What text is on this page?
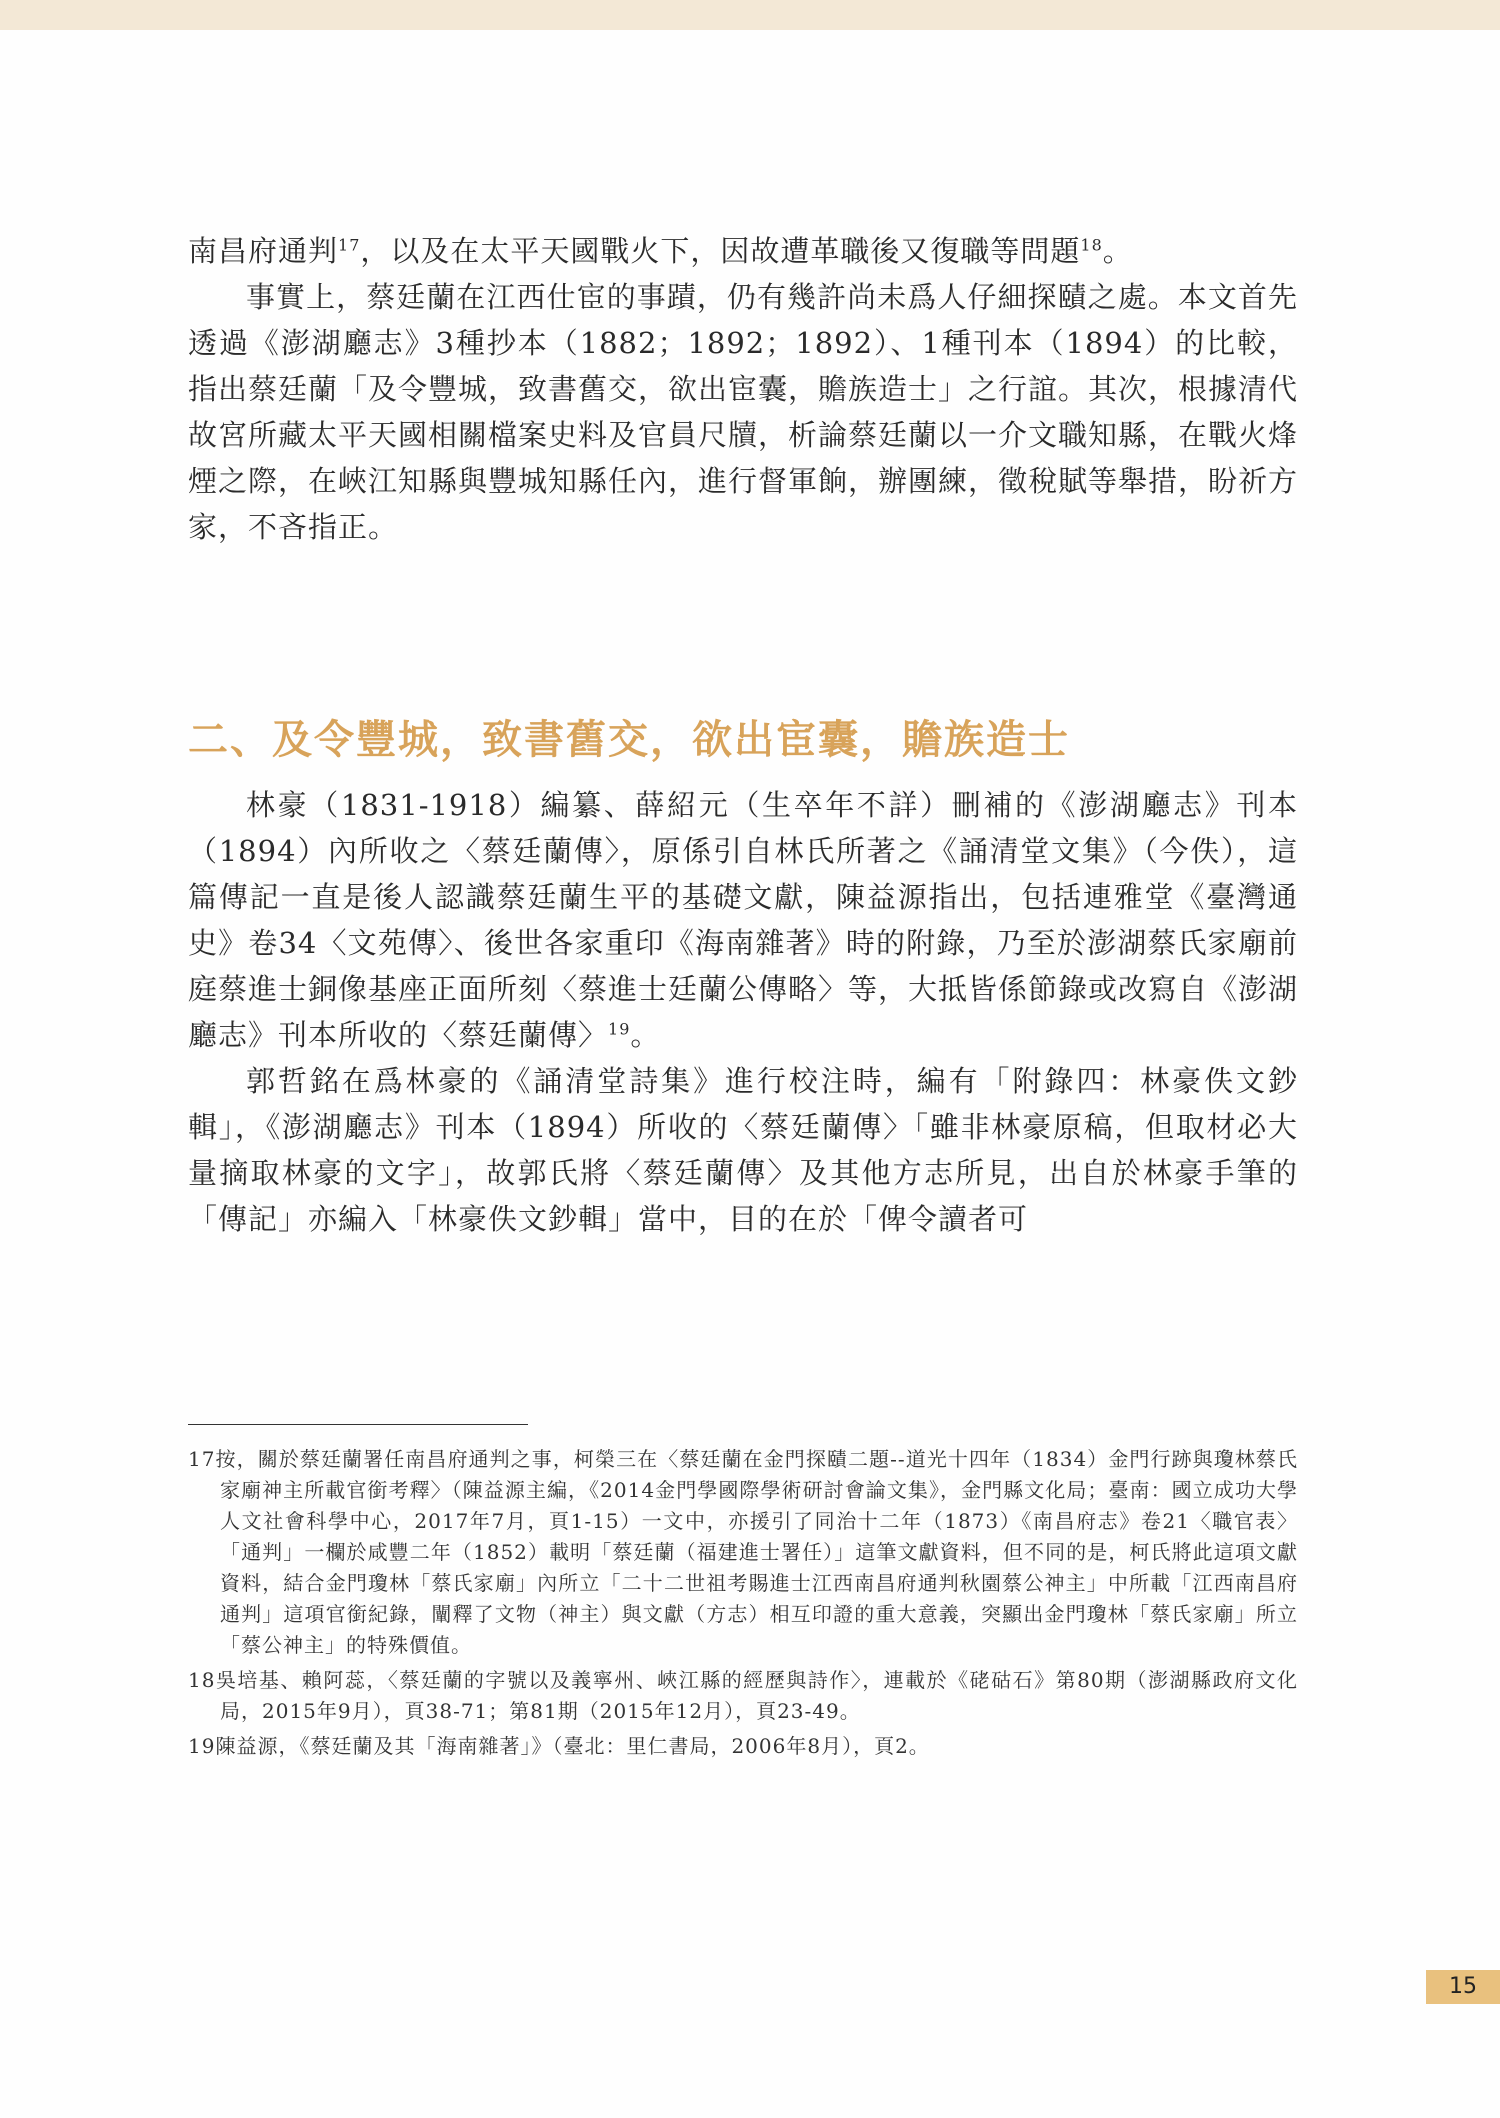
南昌府通判$^{17}$，以及在太平天國戰火下，因故遭革職後又復職等問題$^{18}$。

事實上，蔡廷蘭在江西仕宦的事蹟，仍有幾許尚未爲人仔細探賾之處。本文首先透過《澎湖廳志》3種抄本（1882；1892；1892）、1種刊本（1894）的比較，指出蔡廷蘭「及令豐城，致書舊交，欲出宦囊，贍族造士」之行誼。其次，根據清代故宮所藏太平天國相關檔案史料及官員尺牘，析論蔡廷蘭以一介文職知縣，在戰火烽煙之際，在峽江知縣與豐城知縣任內，進行督軍餉，辦團練，徵稅賦等舉措，盼祈方家，不吝指正。

二、及令豐城，致書舊交，欲出宦囊，贍族造士

林豪（1831-1918）編纂、薛紹元（生卒年不詳）刪補的《澎湖廳志》刊本（1894）內所收之〈蔡廷蘭傳〉，原係引自林氏所著之《誦清堂文集》（今佚），這篇傳記一直是後人認識蔡廷蘭生平的基礎文獻，陳益源指出，包括連雅堂《臺灣通史》卷34〈文苑傳〉、後世各家重印《海南雜著》時的附錄，乃至於澎湖蔡氏家廟前庭蔡進士銅像基座正面所刻〈蔡進士廷蘭公傳略〉等，大抵皆係節錄或改寫自《澎湖廳志》刊本所收的〈蔡廷蘭傳〉$^{19}$。

郭哲銘在爲林豪的《誦清堂詩集》進行校注時，編有「附錄四：林豪佚文鈔輯」，《澎湖廳志》刊本（1894）所收的〈蔡廷蘭傳〉「雖非林豪原稿，但取材必大量摘取林豪的文字」，故郭氏將〈蔡廷蘭傳〉及其他方志所見，出自於林豪手筆的「傳記」亦編入「林豪佚文鈔輯」當中，目的在於「俾令讀者可

17按，關於蔡廷蘭署任南昌府通判之事，柯榮三在〈蔡廷蘭在金門探賾二題--道光十四年（1834）金門行跡與瓊林蔡氏家廟神主所載官銜考釋〉（陳益源主編，《2014金門學國際學術研討會論文集》，金門縣文化局；臺南：國立成功大學人文社會科學中心，2017年7月，頁1-15）一文中，亦援引了同治十二年（1873）《南昌府志》卷21〈職官表〉「通判」一欄於咸豐二年（1852）載明「蔡廷蘭（福建進士署任）」這筆文獻資料，但不同的是，柯氏將此這項文獻資料，結合金門瓊林「蔡氏家廟」內所立「二十二世祖考賜進士江西南昌府通判秋園蔡公神主」中所載「江西南昌府通判」這項官銜紀錄，闡釋了文物（神主）與文獻（方志）相互印證的重大意義，突顯出金門瓊林「蔡氏家廟」所立「蔡公神主」的特殊價值。

18吳培基、賴阿蕊，〈蔡廷蘭的字號以及義寧州、峽江縣的經歷與詩作〉，連載於《硓𥑮石》第80期（澎湖縣政府文化局，2015年9月），頁38-71；第81期（2015年12月），頁23-49。

19陳益源，《蔡廷蘭及其「海南雜著」》（臺北：里仁書局，2006年8月），頁2。

15
